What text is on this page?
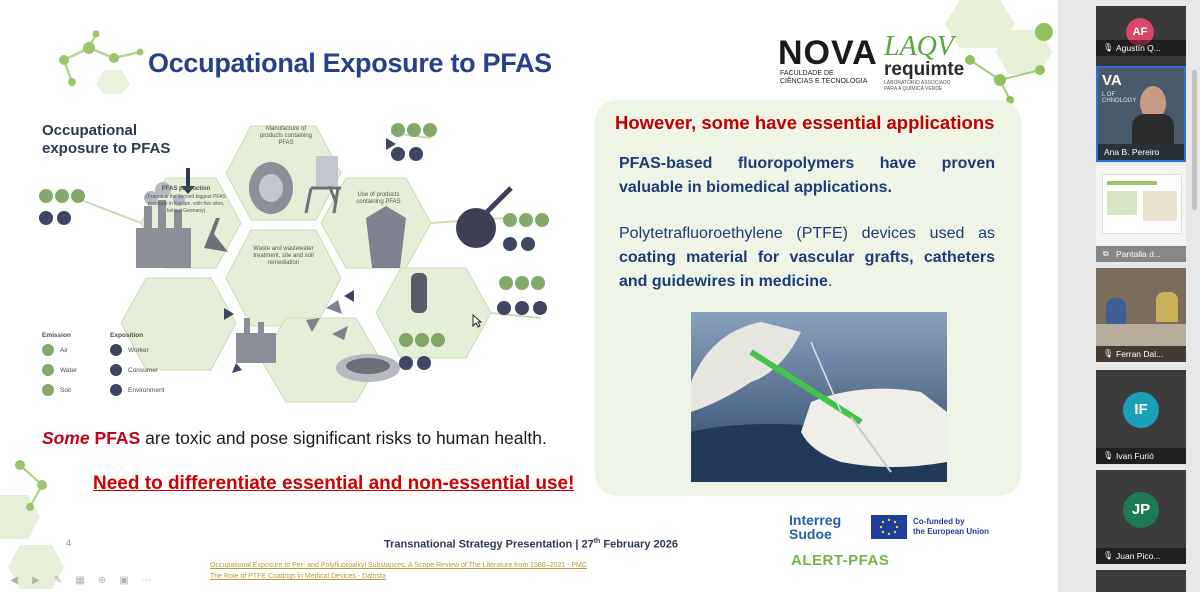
Occupational Exposure to PFAS	NOVA
FACULDADE DE
CIÊNCIAS E TECNOLOGIA
LAQV
requimte
LABORATÓRIO ASSOCIADO
PARA A QUÍMICA VERDE
Occupational exposure to PFAS
Manufacture of products containing PFAS
PFAS production
(France is the second biggest PFAS producer in Europe, with five sites, behind Germany)
Use of products containing PFAS
Waste and wastewater treatment, site and soil remediation
Emission	Exposition
Air
Water
Soil
Worker
Consumer
Environment
Some PFAS are toxic and pose significant risks to human health.
Need to differentiate essential and non-essential use!
However, some have essential applications
PFAS-based fluoropolymers have proven valuable in biomedical applications.
Polytetrafluoroethylene (PTFE) devices used as coating material for vascular grafts, catheters and guidewires in medicine.
4	Transnational Strategy Presentation | 27th February 2026
Occupational Exposure to Per- and Polyfluoroalkyl Substances: A Scope Review of The Literature from 1980–2021 - PMC
The Role of PTFE Coatings in Medical Devices - Dalnsta
Interreg
Sudoe
Co-funded by
the European Union
ALERT-PFAS
◀	▶	✎	▦	⊕	▣	⋯
AF
🎙 Agustín Q...
VA
L OF CHNOLOGY
Ana B. Pereiro
⧉ Pantalla d...
🎙 Ferran Dal...
IF
🎙 Ivan Furió
JP
🎙 Juan Pico...
